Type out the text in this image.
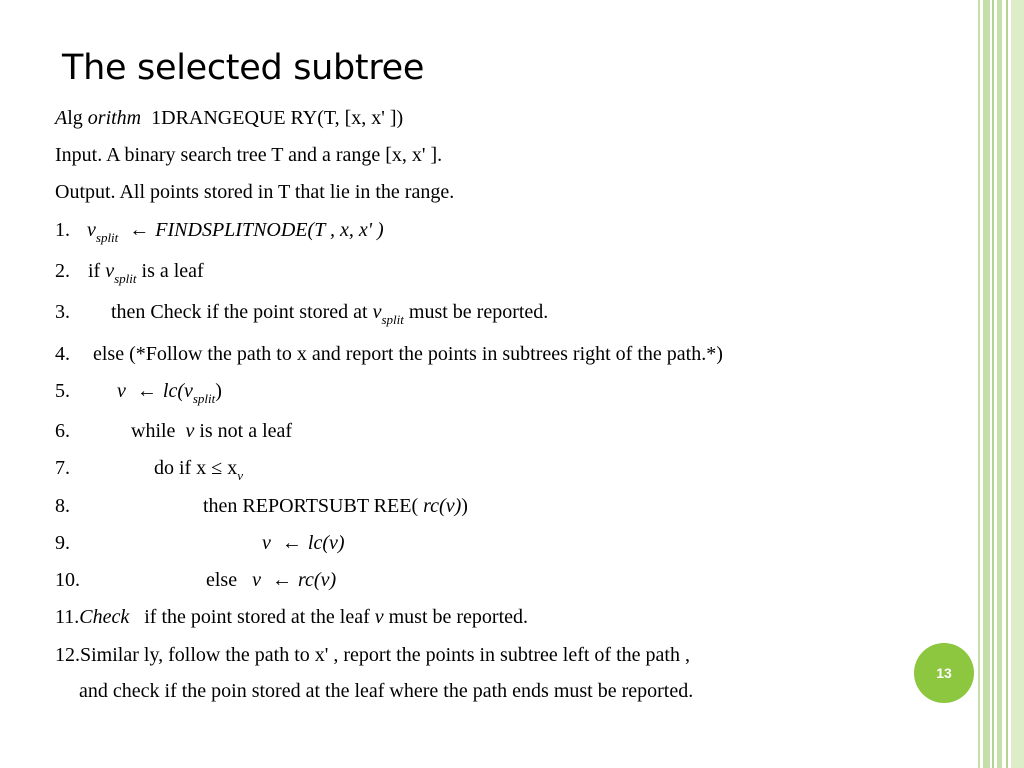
The selected subtree
Alg orithm 1DRANGEQUE RY(T, [x, x' ])
Input. A binary search tree T and a range [x, x' ].
Output. All points stored in T that lie in the range.
1. $v_{split}$ ← FINDSPLITNODE(T , x, x' )
2. if $v_{split}$ is a leaf
3. then Check if the point stored at $v_{split}$ must be reported.
4. else (*Follow the path to x and report the points in subtrees right of the path.*)
5. v ← $lc(v_{split})$
6.	while v is not a leaf
7.	do if $x \le x_v$
8.	then REPORTSUBT REE( rc(v))
9.	v ← lc(v)
10.	else v ← rc(v)
11.Check if the point stored at the leaf v must be reported.
12.Similar ly, follow the path to x' , report the points in subtree left of the path ,
and check if the poin stored at the leaf where the path ends must be reported.
13
